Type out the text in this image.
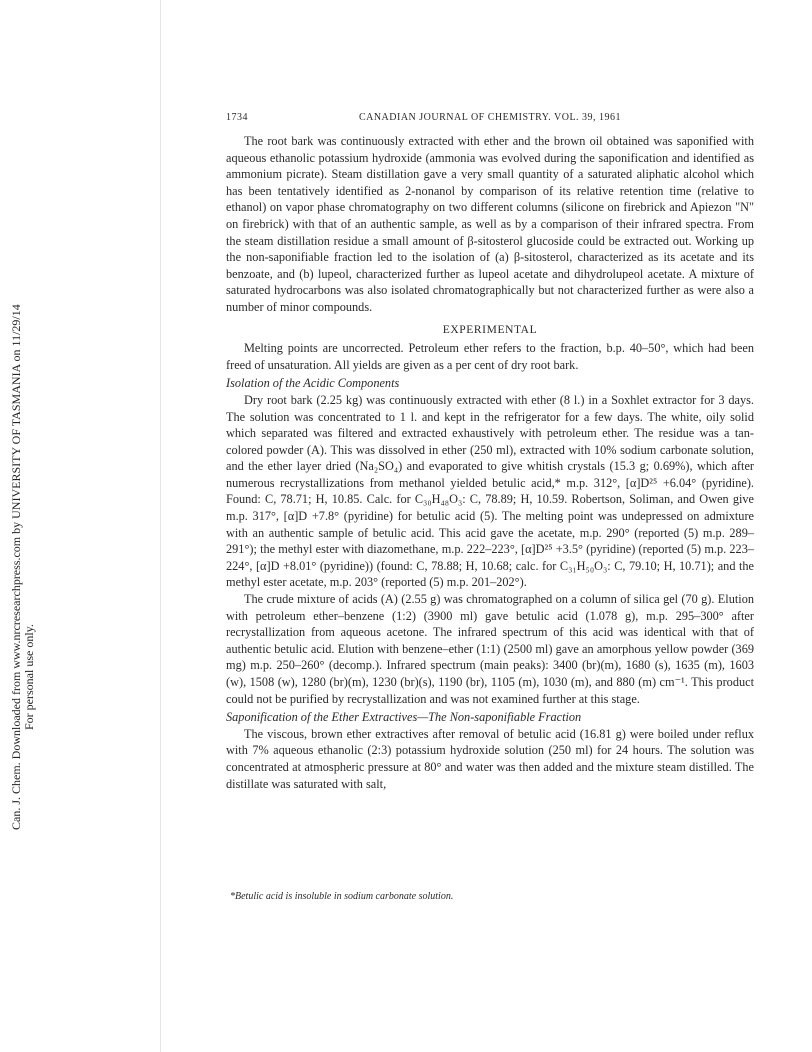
Can. J. Chem. Downloaded from www.nrcresearchpress.com by UNIVERSITY OF TASMANIA on 11/29/14 For personal use only.
1734	CANADIAN JOURNAL OF CHEMISTRY. VOL. 39, 1961

The root bark was continuously extracted with ether and the brown oil obtained was saponified with aqueous ethanolic potassium hydroxide (ammonia was evolved during the saponification and identified as ammonium picrate). Steam distillation gave a very small quantity of a saturated aliphatic alcohol which has been tentatively identified as 2-nonanol by comparison of its relative retention time (relative to ethanol) on vapor phase chromatography on two different columns (silicone on firebrick and Apiezon "N" on firebrick) with that of an authentic sample, as well as by a comparison of their infrared spectra. From the steam distillation residue a small amount of β-sitosterol glucoside could be extracted out. Working up the non-saponifiable fraction led to the isolation of (a) β-sitosterol, characterized as its acetate and its benzoate, and (b) lupeol, characterized further as lupeol acetate and dihydrolupeol acetate. A mixture of saturated hydrocarbons was also isolated chromatographically but not characterized further as were also a number of minor compounds.

EXPERIMENTAL

Melting points are uncorrected. Petroleum ether refers to the fraction, b.p. 40–50°, which had been freed of unsaturation. All yields are given as a per cent of dry root bark.

Isolation of the Acidic Components

Dry root bark (2.25 kg) was continuously extracted with ether (8 l.) in a Soxhlet extractor for 3 days. The solution was concentrated to 1 l. and kept in the refrigerator for a few days. The white, oily solid which separated was filtered and extracted exhaustively with petroleum ether. The residue was a tan-colored powder (A). This was dissolved in ether (250 ml), extracted with 10% sodium carbonate solution, and the ether layer dried (Na₂SO₄) and evaporated to give whitish crystals (15.3 g; 0.69%), which after numerous recrystallizations from methanol yielded betulic acid,* m.p. 312°, [α]D²⁵ +6.04° (pyridine). Found: C, 78.71; H, 10.85. Calc. for C₃₀H₄₈O₃: C, 78.89; H, 10.59. Robertson, Soliman, and Owen give m.p. 317°, [α]D +7.8° (pyridine) for betulic acid (5). The melting point was undepressed on admixture with an authentic sample of betulic acid. This acid gave the acetate, m.p. 290° (reported (5) m.p. 289–291°); the methyl ester with diazomethane, m.p. 222–223°, [α]D²⁵ +3.5° (pyridine) (reported (5) m.p. 223–224°, [α]D +8.01° (pyridine)) (found: C, 78.88; H, 10.68; calc. for C₃₁H₅₀O₃: C, 79.10; H, 10.71); and the methyl ester acetate, m.p. 203° (reported (5) m.p. 201–202°).

The crude mixture of acids (A) (2.55 g) was chromatographed on a column of silica gel (70 g). Elution with petroleum ether–benzene (1:2) (3900 ml) gave betulic acid (1.078 g), m.p. 295–300° after recrystallization from aqueous acetone. The infrared spectrum of this acid was identical with that of authentic betulic acid. Elution with benzene–ether (1:1) (2500 ml) gave an amorphous yellow powder (369 mg) m.p. 250–260° (decomp.). Infrared spectrum (main peaks): 3400 (br)(m), 1680 (s), 1635 (m), 1603 (w), 1508 (w), 1280 (br)(m), 1230 (br)(s), 1190 (br), 1105 (m), 1030 (m), and 880 (m) cm⁻¹. This product could not be purified by recrystallization and was not examined further at this stage.

Saponification of the Ether Extractives—The Non-saponifiable Fraction

The viscous, brown ether extractives after removal of betulic acid (16.81 g) were boiled under reflux with 7% aqueous ethanolic (2:3) potassium hydroxide solution (250 ml) for 24 hours. The solution was concentrated at atmospheric pressure at 80° and water was then added and the mixture steam distilled. The distillate was saturated with salt,

*Betulic acid is insoluble in sodium carbonate solution.
